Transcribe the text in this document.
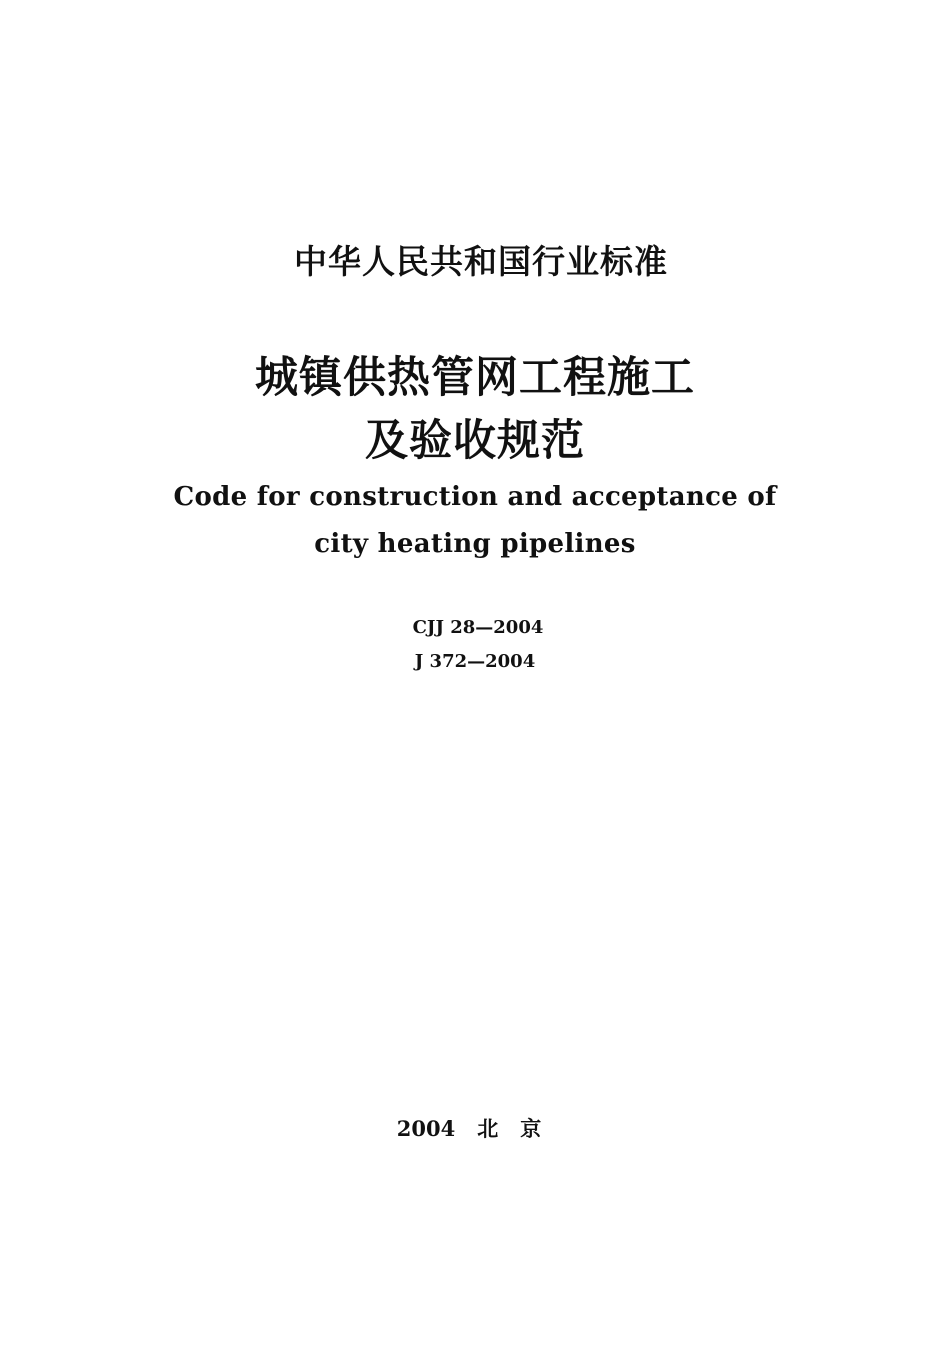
中华人民共和国行业标准
城镇供热管网工程施工
及验收规范
Code for construction and acceptance of
city heating pipelines
CJJ 28—2004
J 372—2004
2004 北京
